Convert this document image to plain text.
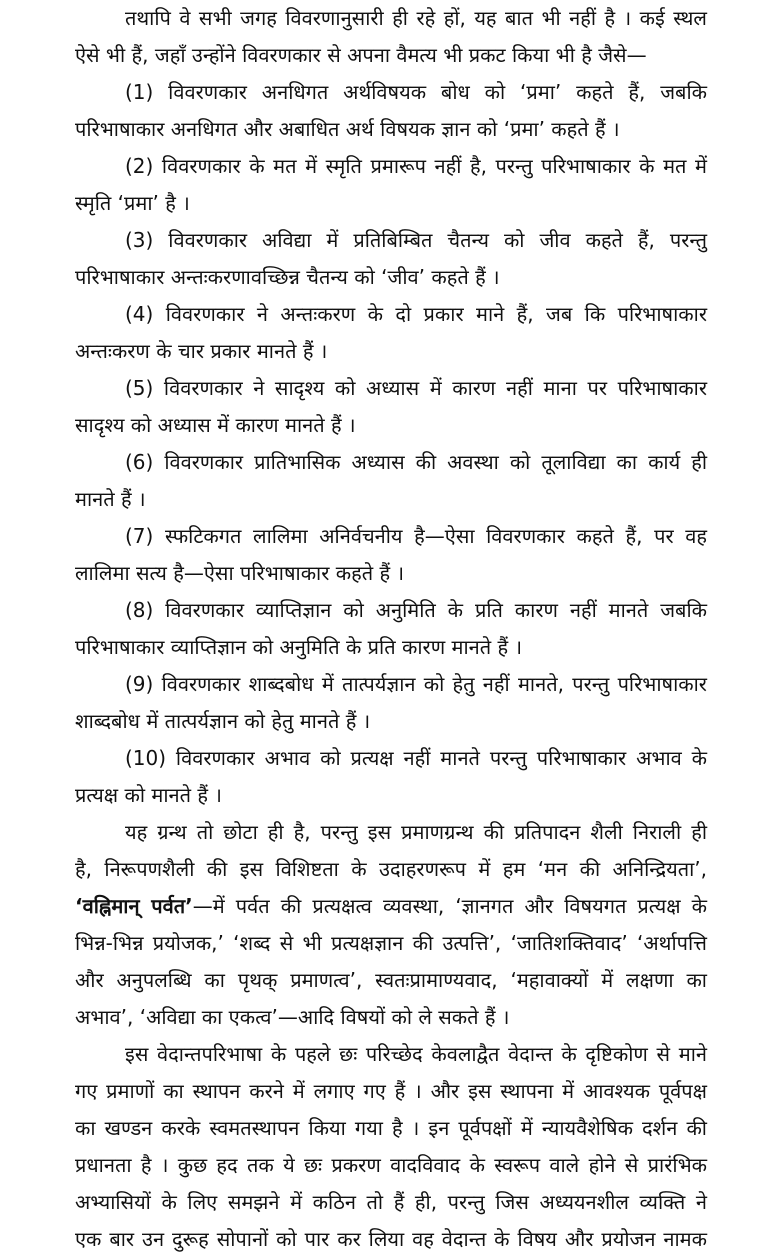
तथापि वे सभी जगह विवरणानुसारी ही रहे हों, यह बात भी नहीं है । कई स्थल
ऐसे भी हैं, जहाँ उन्होंने विवरणकार से अपना वैमत्य भी प्रकट किया भी है जैसे—
(1) विवरणकार अनधिगत अर्थविषयक बोध को ‘प्रमा’ कहते हैं, जबकि
परिभाषाकार अनधिगत और अबाधित अर्थ विषयक ज्ञान को ‘प्रमा’ कहते हैं ।
(2) विवरणकार के मत में स्मृति प्रमारूप नहीं है, परन्तु परिभाषाकार के मत में
स्मृति ‘प्रमा’ है ।
(3) विवरणकार अविद्या में प्रतिबिम्बित चैतन्य को जीव कहते हैं, परन्तु
परिभाषाकार अन्तःकरणावच्छिन्न चैतन्य को ‘जीव’ कहते हैं ।
(4) विवरणकार ने अन्तःकरण के दो प्रकार माने हैं, जब कि परिभाषाकार
अन्तःकरण के चार प्रकार मानते हैं ।
(5) विवरणकार ने सादृश्य को अध्यास में कारण नहीं माना पर परिभाषाकार
सादृश्य को अध्यास में कारण मानते हैं ।
(6) विवरणकार प्रातिभासिक अध्यास की अवस्था को तूलाविद्या का कार्य ही
मानते हैं ।
(7) स्फटिकगत लालिमा अनिर्वचनीय है—ऐसा विवरणकार कहते हैं, पर वह
लालिमा सत्य है—ऐसा परिभाषाकार कहते हैं ।
(8) विवरणकार व्याप्तिज्ञान को अनुमिति के प्रति कारण नहीं मानते जबकि
परिभाषाकार व्याप्तिज्ञान को अनुमिति के प्रति कारण मानते हैं ।
(9) विवरणकार शाब्दबोध में तात्पर्यज्ञान को हेतु नहीं मानते, परन्तु परिभाषाकार
शाब्दबोध में तात्पर्यज्ञान को हेतु मानते हैं ।
(10) विवरणकार अभाव को प्रत्यक्ष नहीं मानते परन्तु परिभाषाकार अभाव के
प्रत्यक्ष को मानते हैं ।
यह ग्रन्थ तो छोटा ही है, परन्तु इस प्रमाणग्रन्थ की प्रतिपादन शैली निराली ही
है, निरूपणशैली की इस विशिष्टता के उदाहरणरूप में हम ‘मन की अनिन्द्रियता’,
‘वह्निमान् पर्वत’—में पर्वत की प्रत्यक्षत्व व्यवस्था, ‘ज्ञानगत और विषयगत प्रत्यक्ष के
भिन्न-भिन्न प्रयोजक,’ ‘शब्द से भी प्रत्यक्षज्ञान की उत्पत्ति’, ‘जातिशक्तिवाद’ ‘अर्थापत्ति
और अनुपलब्धि का पृथक् प्रमाणत्व’, स्वतःप्रामाण्यवाद, ‘महावाक्यों में लक्षणा का
अभाव’, ‘अविद्या का एकत्व’—आदि विषयों को ले सकते हैं ।
इस वेदान्तपरिभाषा के पहले छः परिच्छेद केवलाद्वैत वेदान्त के दृष्टिकोण से माने
गए प्रमाणों का स्थापन करने में लगाए गए हैं । और इस स्थापना में आवश्यक पूर्वपक्ष
का खण्डन करके स्वमतस्थापन किया गया है । इन पूर्वपक्षों में न्यायवैशेषिक दर्शन की
प्रधानता है । कुछ हद तक ये छः प्रकरण वादविवाद के स्वरूप वाले होने से प्रारंभिक
अभ्यासियों के लिए समझने में कठिन तो हैं ही, परन्तु जिस अध्ययनशील व्यक्ति ने
एक बार उन दुरूह सोपानों को पार कर लिया वह वेदान्त के विषय और प्रयोजन नामक
